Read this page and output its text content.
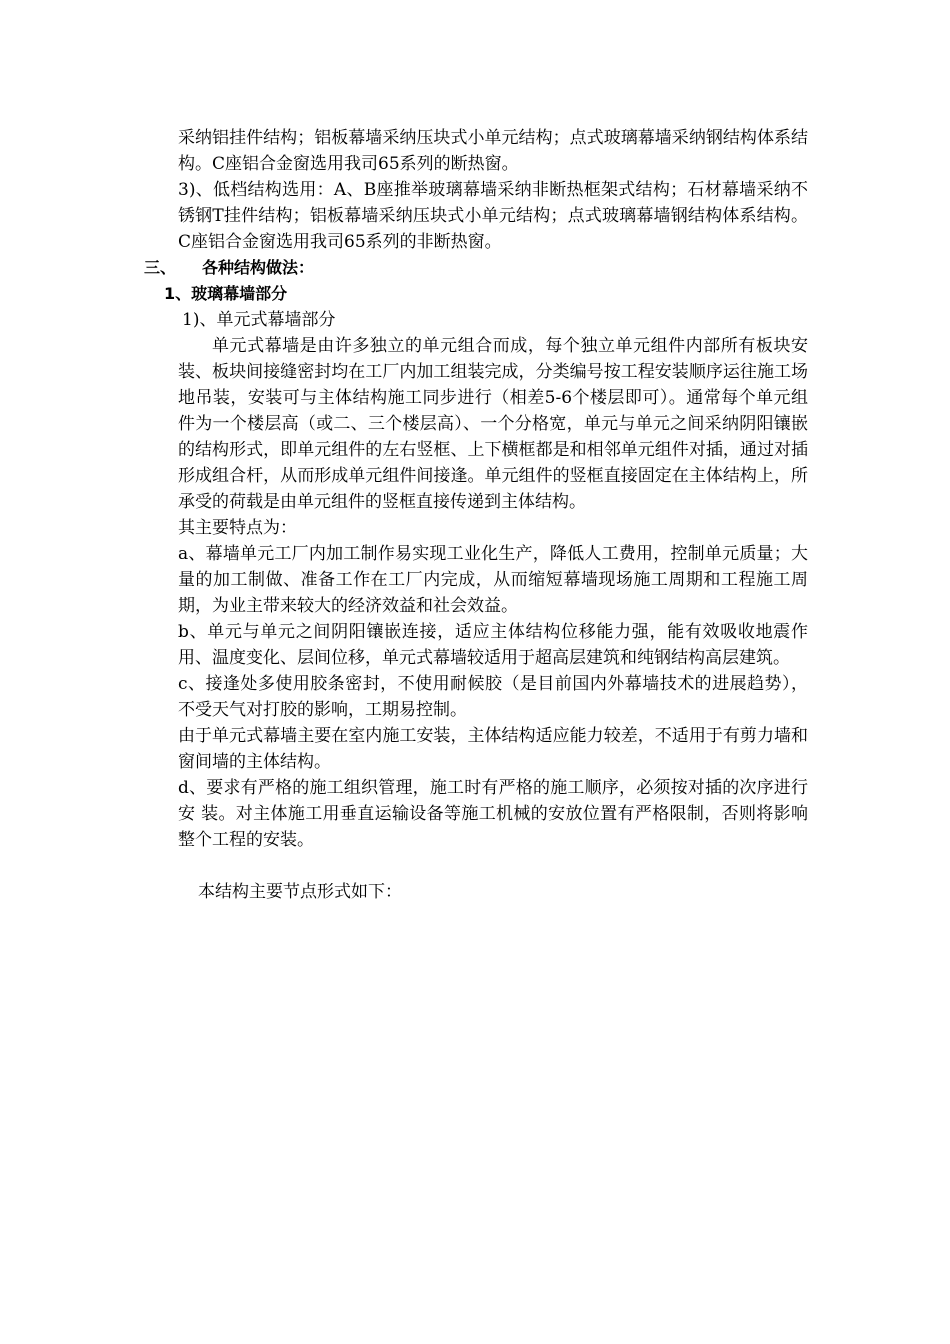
采纳铝挂件结构；铝板幕墙采纳压块式小单元结构；点式玻璃幕墙采纳钢结构体系结构。C座铝合金窗选用我司65系列的断热窗。

3)、低档结构选用：A、B座推举玻璃幕墙采纳非断热框架式结构；石材幕墙采纳不锈钢T挂件结构；铝板幕墙采纳压块式小单元结构；点式玻璃幕墙钢结构体系结构。C座铝合金窗选用我司65系列的非断热窗。

三、 各种结构做法：

1、玻璃幕墙部分

1)、单元式幕墙部分

单元式幕墙是由许多独立的单元组合而成，每个独立单元组件内部所有板块安装、板块间接缝密封均在工厂内加工组装完成，分类编号按工程安装顺序运往施工场地吊装，安装可与主体结构施工同步进行（相差5-6个楼层即可）。通常每个单元组件为一个楼层高（或二、三个楼层高）、一个分格宽，单元与单元之间采纳阴阳镶嵌的结构形式，即单元组件的左右竖框、上下横框都是和相邻单元组件对插，通过对插形成组合杆，从而形成单元组件间接逢。单元组件的竖框直接固定在主体结构上，所承受的荷载是由单元组件的竖框直接传递到主体结构。

其主要特点为：

a、幕墙单元工厂内加工制作易实现工业化生产，降低人工费用，控制单元质量；大量的加工制做、准备工作在工厂内完成，从而缩短幕墙现场施工周期和工程施工周期，为业主带来较大的经济效益和社会效益。

b、单元与单元之间阴阳镶嵌连接，适应主体结构位移能力强，能有效吸收地震作用、温度变化、层间位移，单元式幕墙较适用于超高层建筑和纯钢结构高层建筑。

c、接逢处多使用胶条密封，不使用耐候胶（是目前国内外幕墙技术的进展趋势），不受天气对打胶的影响，工期易控制。

由于单元式幕墙主要在室内施工安装，主体结构适应能力较差，不适用于有剪力墙和窗间墙的主体结构。

d、要求有严格的施工组织管理，施工时有严格的施工顺序，必须按对插的次序进行安 装。对主体施工用垂直运输设备等施工机械的安放位置有严格限制，否则将影响整个工程的安装。

本结构主要节点形式如下：
